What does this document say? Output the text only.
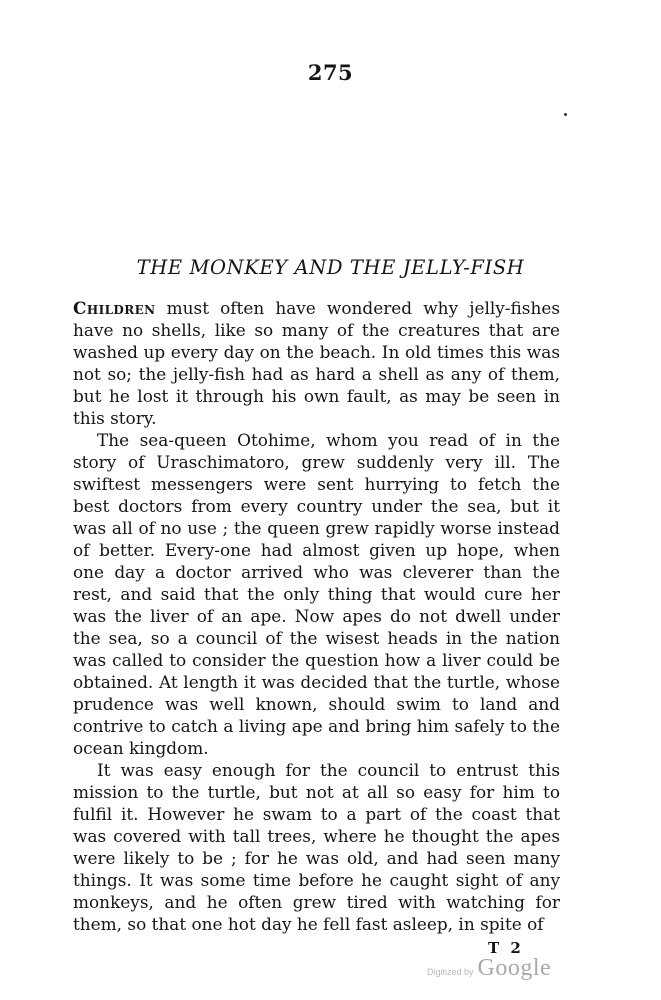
275
THE MONKEY AND THE JELLY-FISH

Children must often have wondered why jelly-fishes have no shells, like so many of the creatures that are washed up every day on the beach. In old times this was not so; the jelly-fish had as hard a shell as any of them, but he lost it through his own fault, as may be seen in this story.

The sea-queen Otohime, whom you read of in the story of Uraschimatoro, grew suddenly very ill. The swiftest messengers were sent hurrying to fetch the best doctors from every country under the sea, but it was all of no use ; the queen grew rapidly worse instead of better. Every-one had almost given up hope, when one day a doctor arrived who was cleverer than the rest, and said that the only thing that would cure her was the liver of an ape. Now apes do not dwell under the sea, so a council of the wisest heads in the nation was called to consider the question how a liver could be obtained. At length it was decided that the turtle, whose prudence was well known, should swim to land and contrive to catch a living ape and bring him safely to the ocean kingdom.

It was easy enough for the council to entrust this mission to the turtle, but not at all so easy for him to fulfil it. However he swam to a part of the coast that was covered with tall trees, where he thought the apes were likely to be ; for he was old, and had seen many things. It was some time before he caught sight of any monkeys, and he often grew tired with watching for them, so that one hot day he fell fast asleep, in spite of

T 2
Digitized by Google
